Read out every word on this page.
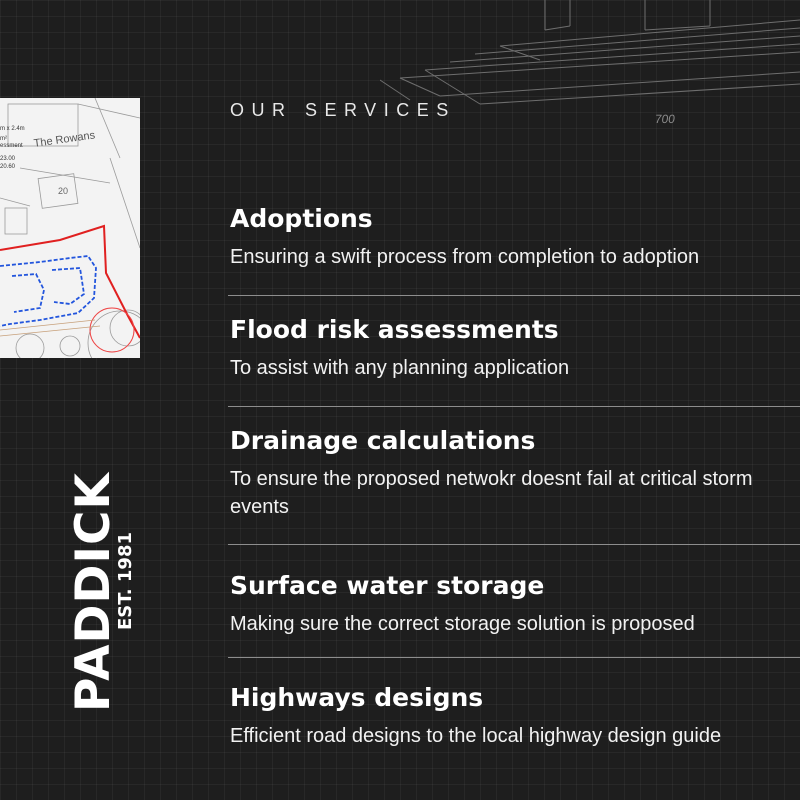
700
The Rowans
20
m x 2.4m
m²
essment
23.00
20.60
PADDICK
EST. 1981
OUR SERVICES
Adoptions

Ensuring a swift process from completion to adoption

Flood risk assessments

To assist with any planning application

Drainage calculations

To ensure the proposed netwokr doesnt fail at critical storm events

Surface water storage

Making sure the correct storage solution is proposed

Highways designs

Efficient road designs to the local highway design guide
